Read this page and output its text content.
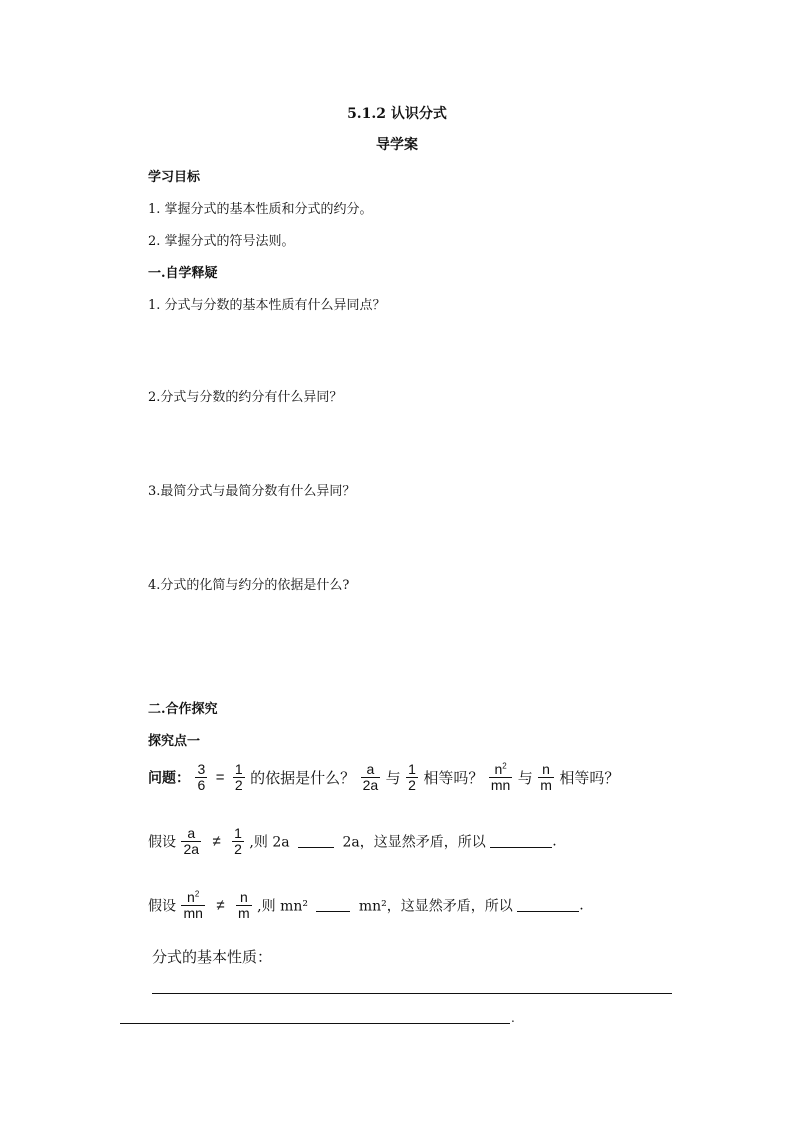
5.1.2 认识分式
导学案
学习目标
1. 掌握分式的基本性质和分式的约分。
2. 掌握分式的符号法则。
一.自学释疑
1. 分式与分数的基本性质有什么异同点？
2.分式与分数的约分有什么异同？
3.最简分式与最简分数有什么异同？
4.分式的化简与约分的依据是什么?
二.合作探究
探究点一
问题： $\frac{3}{6} = \frac{1}{2}$ 的依据是什么？ $\frac{a}{2a}$ 与 $\frac{1}{2}$ 相等吗？ $\frac{n^2}{mn}$ 与 $\frac{n}{m}$ 相等吗？
假设 $\frac{a}{2a} \ne \frac{1}{2}$ ,则 2a	2a，这显然矛盾，所以	.
假设 $\frac{n^2}{mn} \ne \frac{n}{m}$ ,则 mn²	mn²，这显然矛盾，所以	.
分式的基本性质：
.
